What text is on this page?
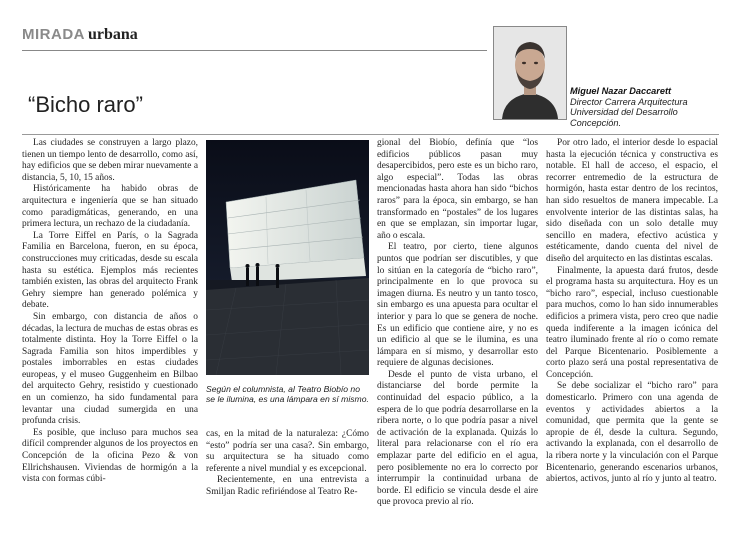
MIRADA urbana
“Bicho raro”
Miguel Nazar Daccarett
Director Carrera Arquitectura
Universidad del Desarrollo
Concepción.

Las ciudades se construyen a largo plazo, tienen un tiempo lento de desarrollo, como así, hay edificios que se deben mirar nuevamente a distancia, 5, 10, 15 años.

Históricamente ha habido obras de arquitectura e ingeniería que se han situado como paradigmáticas, generando, en una primera lectura, un rechazo de la ciudadanía.

La Torre Eiffel en París, o la Sagrada Familia en Barcelona, fueron, en su época, construcciones muy criticadas, desde su escala hasta su estética. Ejemplos más recientes también existen, las obras del arquitecto Frank Gehry siempre han generado polémica y debate.

Sin embargo, con distancia de años o décadas, la lectura de muchas de estas obras es totalmente distinta. Hoy la Torre Eiffel o la Sagrada Familia son hitos imperdibles y postales imborrables en estas ciudades europeas, y el museo Guggenheim en Bilbao del arquitecto Gehry, resistido y cuestionado en un comienzo, ha sido fundamental para levantar una ciudad sumergida en una profunda crisis.

Es posible, que incluso para muchos sea difícil comprender algunos de los proyectos en Concepción de la oficina Pezo & von Ellrichshausen. Viviendas de hormigón a la vista con formas cúbi-

Según el columnista, al Teatro Biobío no se le ilumina, es una lámpara en sí mismo.

cas, en la mitad de la naturaleza: ¿Cómo “esto” podría ser una casa?. Sin embargo, su arquitectura se ha situado como referente a nivel mundial y es excepcional.

Recientemente, en una entrevista a Smiljan Radic refiriéndose al Teatro Re-

gional del Biobío, definía que “los edificios públicos pasan muy desapercibidos, pero este es un bicho raro, algo especial”. Todas las obras mencionadas hasta ahora han sido “bichos raros” para la época, sin embargo, se han transformado en “postales” de los lugares en que se emplazan, sin importar lugar, año o escala.

El teatro, por cierto, tiene algunos puntos que podrían ser discutibles, y que lo sitúan en la categoría de “bicho raro”, principalmente en lo que provoca su imagen diurna. Es neutro y un tanto tosco, sin embargo es una apuesta para ocultar el interior y para lo que se genera de noche. Es un edificio que contiene aire, y no es un edificio al que se le ilumina, es una lámpara en sí mismo, y desarrollar esto requiere de algunas decisiones.

Desde el punto de vista urbano, el distanciarse del borde permite la continuidad del espacio público, a la espera de lo que podría desarrollarse en la ribera norte, o lo que podría pasar a nivel de activación de la explanada. Quizás lo literal para relacionarse con el río era emplazar parte del edificio en el agua, pero posiblemente no era lo correcto por interrumpir la continuidad urbana de borde. El edificio se vincula desde el aire que provoca previo al río.

Por otro lado, el interior desde lo espacial hasta la ejecución técnica y constructiva es notable. El hall de acceso, el espacio, el recorrer entremedio de la estructura de hormigón, hasta estar dentro de los recintos, han sido resueltos de manera impecable. La envolvente interior de las distintas salas, ha sido diseñada con un solo detalle muy sencillo en madera, efectivo acústica y estéticamente, dando cuenta del nivel de diseño del arquitecto en las distintas escalas.

Finalmente, la apuesta dará frutos, desde el programa hasta su arquitectura. Hoy es un “bicho raro”, especial, incluso cuestionable para muchos, como lo han sido innumerables edificios a primera vista, pero creo que nadie queda indiferente a la imagen icónica del teatro iluminado frente al río o como remate del Parque Bicentenario. Posiblemente a corto plazo será una postal representativa de Concepción.

Se debe socializar el “bicho raro” para domesticarlo. Primero con una agenda de eventos y actividades abiertos a la comunidad, que permita que la gente se apropie de él, desde la cultura. Segundo, activando la explanada, con el desarrollo de la ribera norte y la vinculación con el Parque Bicentenario, generando escenarios urbanos, abiertos, activos, junto al río y junto al teatro.
